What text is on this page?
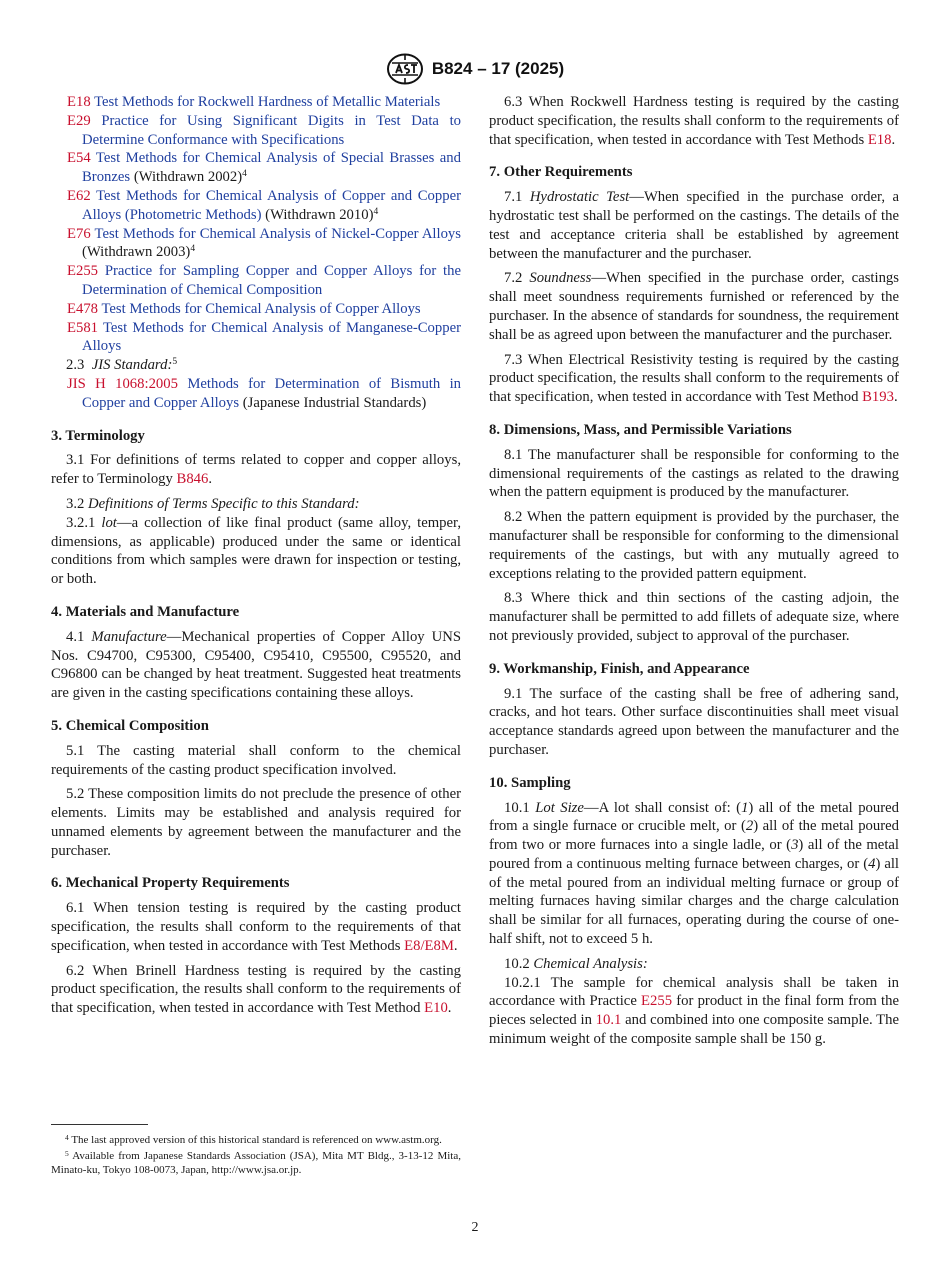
B824 – 17 (2025)

E18 Test Methods for Rockwell Hardness of Metallic Materials

E29 Practice for Using Significant Digits in Test Data to Determine Conformance with Specifications

E54 Test Methods for Chemical Analysis of Special Brasses and Bronzes (Withdrawn 2002)$^4$

E62 Test Methods for Chemical Analysis of Copper and Copper Alloys (Photometric Methods) (Withdrawn 2010)$^4$

E76 Test Methods for Chemical Analysis of Nickel-Copper Alloys (Withdrawn 2003)$^4$

E255 Practice for Sampling Copper and Copper Alloys for the Determination of Chemical Composition

E478 Test Methods for Chemical Analysis of Copper Alloys

E581 Test Methods for Chemical Analysis of Manganese-Copper Alloys

2.3 JIS Standard:$^5$

JIS H 1068:2005 Methods for Determination of Bismuth in Copper and Copper Alloys (Japanese Industrial Standards)

3. Terminology

3.1 For definitions of terms related to copper and copper alloys, refer to Terminology B846.

3.2 Definitions of Terms Specific to this Standard:

3.2.1 lot—a collection of like final product (same alloy, temper, dimensions, as applicable) produced under the same or identical conditions from which samples were drawn for inspection or testing, or both.

4. Materials and Manufacture

4.1 Manufacture—Mechanical properties of Copper Alloy UNS Nos. C94700, C95300, C95400, C95410, C95500, C95520, and C96800 can be changed by heat treatment. Suggested heat treatments are given in the casting specifications containing these alloys.

5. Chemical Composition

5.1 The casting material shall conform to the chemical requirements of the casting product specification involved.

5.2 These composition limits do not preclude the presence of other elements. Limits may be established and analysis required for unnamed elements by agreement between the manufacturer and the purchaser.

6. Mechanical Property Requirements

6.1 When tension testing is required by the casting product specification, the results shall conform to the requirements of that specification, when tested in accordance with Test Methods E8/E8M.

6.2 When Brinell Hardness testing is required by the casting product specification, the results shall conform to the requirements of that specification, when tested in accordance with Test Method E10.

$^4$ The last approved version of this historical standard is referenced on www.astm.org.

$^5$ Available from Japanese Standards Association (JSA), Mita MT Bldg., 3-13-12 Mita, Minato-ku, Tokyo 108-0073, Japan, http://www.jsa.or.jp.

6.3 When Rockwell Hardness testing is required by the casting product specification, the results shall conform to the requirements of that specification, when tested in accordance with Test Methods E18.

7. Other Requirements

7.1 Hydrostatic Test—When specified in the purchase order, a hydrostatic test shall be performed on the castings. The details of the test and acceptance criteria shall be established by agreement between the manufacturer and the purchaser.

7.2 Soundness—When specified in the purchase order, castings shall meet soundness requirements furnished or referenced by the purchaser. In the absence of standards for soundness, the requirement shall be as agreed upon between the manufacturer and the purchaser.

7.3 When Electrical Resistivity testing is required by the casting product specification, the results shall conform to the requirements of that specification, when tested in accordance with Test Method B193.

8. Dimensions, Mass, and Permissible Variations

8.1 The manufacturer shall be responsible for conforming to the dimensional requirements of the castings as related to the drawing when the pattern equipment is produced by the manufacturer.

8.2 When the pattern equipment is provided by the purchaser, the manufacturer shall be responsible for conforming to the dimensional requirements of the castings, but with any mutually agreed to exceptions relating to the provided pattern equipment.

8.3 Where thick and thin sections of the casting adjoin, the manufacturer shall be permitted to add fillets of adequate size, where not previously provided, subject to approval of the purchaser.

9. Workmanship, Finish, and Appearance

9.1 The surface of the casting shall be free of adhering sand, cracks, and hot tears. Other surface discontinuities shall meet visual acceptance standards agreed upon between the manufacturer and the purchaser.

10. Sampling

10.1 Lot Size—A lot shall consist of: (1) all of the metal poured from a single furnace or crucible melt, or (2) all of the metal poured from two or more furnaces into a single ladle, or (3) all of the metal poured from a continuous melting furnace between charges, or (4) all of the metal poured from an individual melting furnace or group of melting furnaces having similar charges and the charge calculation shall be similar for all furnaces, operating during the course of one-half shift, not to exceed 5 h.

10.2 Chemical Analysis:

10.2.1 The sample for chemical analysis shall be taken in accordance with Practice E255 for product in the final form from the pieces selected in 10.1 and combined into one composite sample. The minimum weight of the composite sample shall be 150 g.

2
